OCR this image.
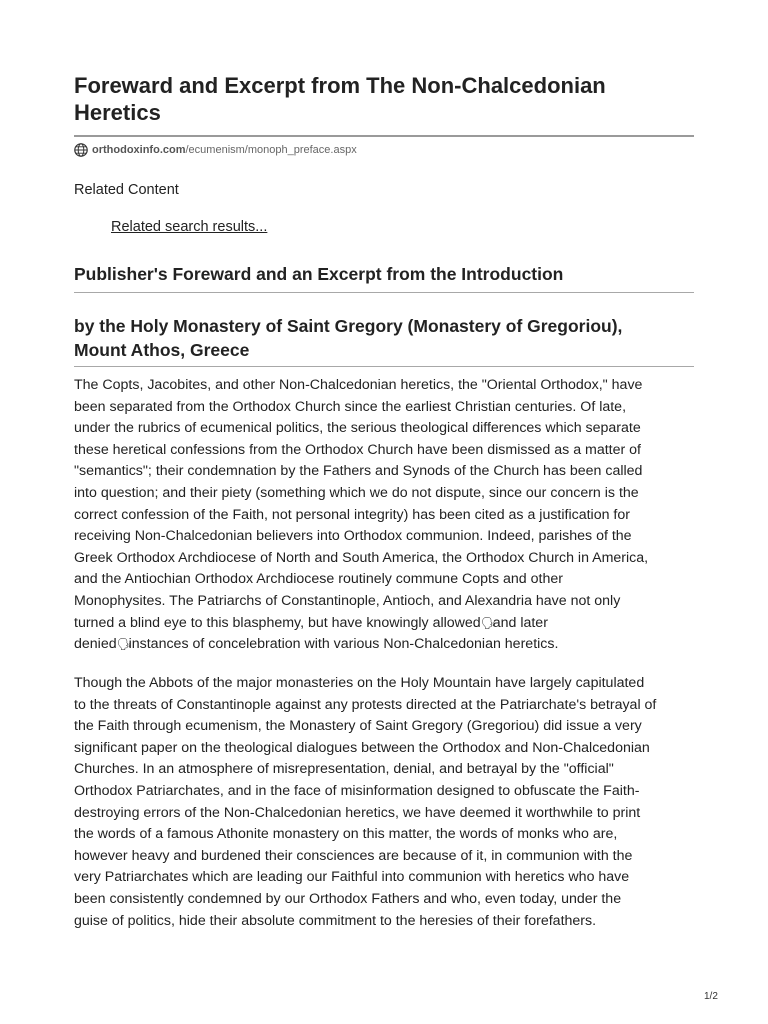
Foreward and Excerpt from The Non-Chalcedonian
Heretics
orthodoxinfo.com /ecumenism/monoph_preface.aspx
Related Content
Related search results...
Publisher's Foreward and an Excerpt from the Introduction
by the Holy Monastery of Saint Gregory (Monastery of Gregoriou),
Mount Athos, Greece

The Copts, Jacobites, and other Non-Chalcedonian heretics, the "Oriental Orthodox," have
been separated from the Orthodox Church since the earliest Christian centuries. Of late,
under the rubrics of ecumenical politics, the serious theological differences which separate
these heretical confessions from the Orthodox Church have been dismissed as a matter of
"semantics"; their condemnation by the Fathers and Synods of the Church has been called
into question; and their piety (something which we do not dispute, since our concern is the
correct confession of the Faith, not personal integrity) has been cited as a justification for
receiving Non-Chalcedonian believers into Orthodox communion. Indeed, parishes of the
Greek Orthodox Archdiocese of North and South America, the Orthodox Church in America,
and the Antiochian Orthodox Archdiocese routinely commune Copts and other
Monophysites. The Patriarchs of Constantinople, Antioch, and Alexandria have not only
turned a blind eye to this blasphemy, but have knowingly allowed🗣and later
denied🗣instances of concelebration with various Non-Chalcedonian heretics.

Though the Abbots of the major monasteries on the Holy Mountain have largely capitulated
to the threats of Constantinople against any protests directed at the Patriarchate's betrayal of
the Faith through ecumenism, the Monastery of Saint Gregory (Gregoriou) did issue a very
significant paper on the theological dialogues between the Orthodox and Non-Chalcedonian
Churches. In an atmosphere of misrepresentation, denial, and betrayal by the "official"
Orthodox Patriarchates, and in the face of misinformation designed to obfuscate the Faith-
destroying errors of the Non-Chalcedonian heretics, we have deemed it worthwhile to print
the words of a famous Athonite monastery on this matter, the words of monks who are,
however heavy and burdened their consciences are because of it, in communion with the
very Patriarchates which are leading our Faithful into communion with heretics who have
been consistently condemned by our Orthodox Fathers and who, even today, under the
guise of politics, hide their absolute commitment to the heresies of their forefathers.

1/2
